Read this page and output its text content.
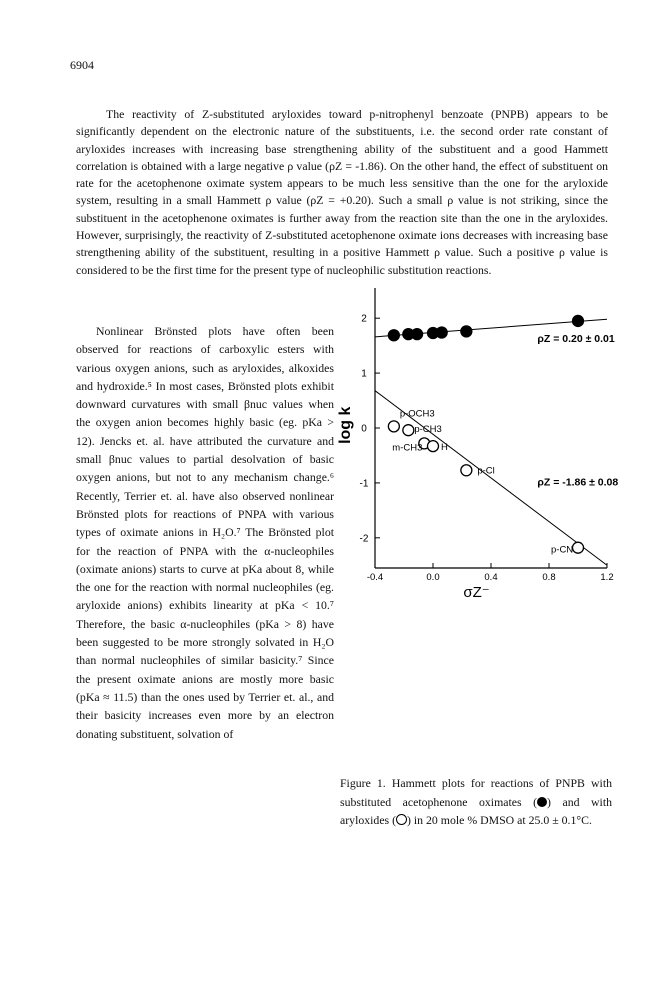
6904

The reactivity of Z-substituted aryloxides toward p-nitrophenyl benzoate (PNPB) appears to be significantly dependent on the electronic nature of the substituents, i.e. the second order rate constant of aryloxides increases with increasing base strengthening ability of the substituent and a good Hammett correlation is obtained with a large negative ρ value (ρZ = -1.86). On the other hand, the effect of substituent on rate for the acetophenone oximate system appears to be much less sensitive than the one for the aryloxide system, resulting in a small Hammett ρ value (ρZ = +0.20). Such a small ρ value is not striking, since the substituent in the acetophenone oximates is further away from the reaction site than the one in the aryloxides. However, surprisingly, the reactivity of Z-substituted acetophenone oximate ions decreases with increasing base strengthening ability of the substituent, resulting in a positive Hammett ρ value. Such a positive ρ value is considered to be the first time for the present type of nucleophilic substitution reactions.

Nonlinear Brönsted plots have often been observed for reactions of carboxylic esters with various oxygen anions, such as aryloxides, alkoxides and hydroxide.⁵ In most cases, Brönsted plots exhibit downward curvatures with small βnuc values when the oxygen anion becomes highly basic (eg. pKa > 12). Jencks et. al. have attributed the curvature and small βnuc values to partial desolvation of basic oxygen anions, but not to any mechanism change.⁶ Recently, Terrier et. al. have also observed nonlinear Brönsted plots for reactions of PNPA with various types of oximate anions in H₂O.⁷ The Brönsted plot for the reaction of PNPA with the α-nucleophiles (oximate anions) starts to curve at pKa about 8, while the one for the reaction with normal nucleophiles (eg. aryloxide anions) exhibits linearity at pKa < 10.⁷ Therefore, the basic α-nucleophiles (pKa > 8) have been suggested to be more strongly solvated in H₂O than normal nucleophiles of similar basicity.⁷ Since the present oximate anions are mostly more basic (pKa ≈ 11.5) than the ones used by Terrier et. al., and their basicity increases even more by an electron donating substituent, solvation of

-0.4	0.0	0.4	0.8	1.2
2
1
0
-1
-2
log k
σZ⁻
ρZ = 0.20 ± 0.01
p-OCH3
p-CH3
m-CH3 H
p-Cl
p-CN
ρZ = -1.86 ± 0.08
Figure 1. Hammett plots for reactions of PNPB with substituted acetophenone oximates ( ) and with aryloxides ( ) in 20 mole % DMSO at 25.0 ± 0.1°C.
